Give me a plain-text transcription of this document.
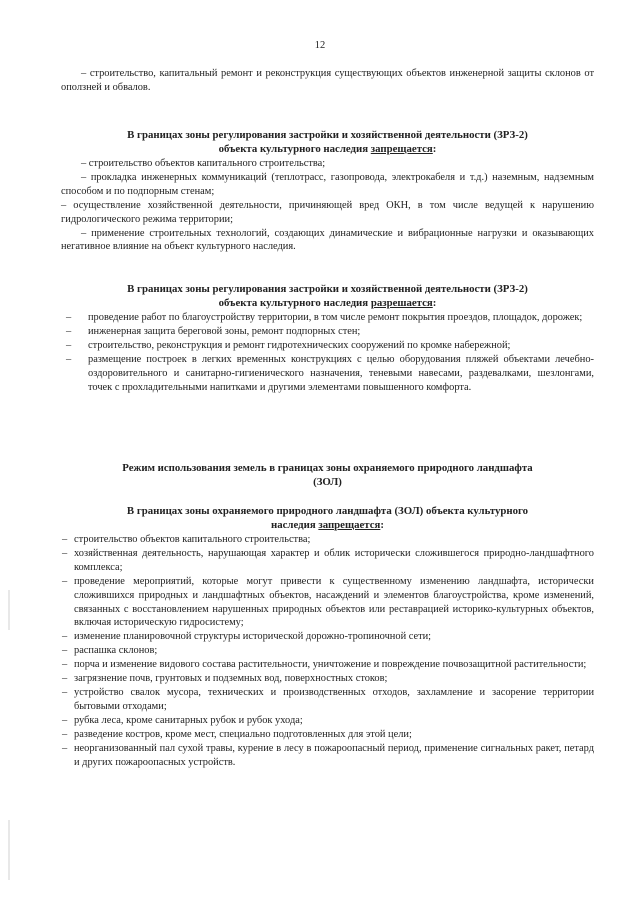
12

– строительство, капитальный ремонт и реконструкция существующих объектов инженерной защиты склонов от оползней и обвалов.

В границах зоны регулирования застройки и хозяйственной деятельности (ЗРЗ-2)
объекта культурного наследия запрещается:

– строительство объектов капитального строительства;

– прокладка инженерных коммуникаций (теплотрасс, газопровода, электрокабеля и т.д.) наземным, надземным способом и по подпорным стенам;

– осуществление хозяйственной деятельности, причиняющей вред ОКН, в том числе ведущей к нарушению гидрологического режима территории;

– применение строительных технологий, создающих динамические и вибрационные нагрузки и оказывающих негативное влияние на объект культурного наследия.

В границах зоны регулирования застройки и хозяйственной деятельности (ЗРЗ-2)
объекта культурного наследия разрешается:
– проведение работ по благоустройству территории, в том числе ремонт покрытия проездов, площадок, дорожек;
– инженерная защита береговой зоны, ремонт подпорных стен;
– строительство, реконструкция и ремонт гидротехнических сооружений по кромке набережной;
– размещение построек в легких временных конструкциях с целью оборудования пляжей объектами лечебно-оздоровительного и санитарно-гигиенического назначения, теневыми навесами, раздевалками, шезлонгами, точек с прохладительными напитками и другими элементами повышенного комфорта.
Режим использования земель в границах зоны охраняемого природного ландшафта
(ЗОЛ)
В границах зоны охраняемого природного ландшафта (ЗОЛ) объекта культурного
наследия запрещается:
– строительство объектов капитального строительства;
– хозяйственная деятельность, нарушающая характер и облик исторически сложившегося природно-ландшафтного комплекса;
– проведение мероприятий, которые могут привести к существенному изменению ландшафта, исторически сложившихся природных и ландшафтных объектов, насаждений и элементов благоустройства, кроме изменений, связанных с восстановлением нарушенных природных объектов или реставрацией историко-культурных объектов, включая историческую гидросистему;
– изменение планировочной структуры исторической дорожно-тропиночной сети;
– распашка склонов;
– порча и изменение видового состава растительности, уничтожение и повреждение почвозащитной растительности;
– загрязнение почв, грунтовых и подземных вод, поверхностных стоков;
– устройство свалок мусора, технических и производственных отходов, захламление и засорение территории бытовыми отходами;
– рубка леса, кроме санитарных рубок и рубок ухода;
– разведение костров, кроме мест, специально подготовленных для этой цели;
– неорганизованный пал сухой травы, курение в лесу в пожароопасный период, применение сигнальных ракет, петард и других пожароопасных устройств.
